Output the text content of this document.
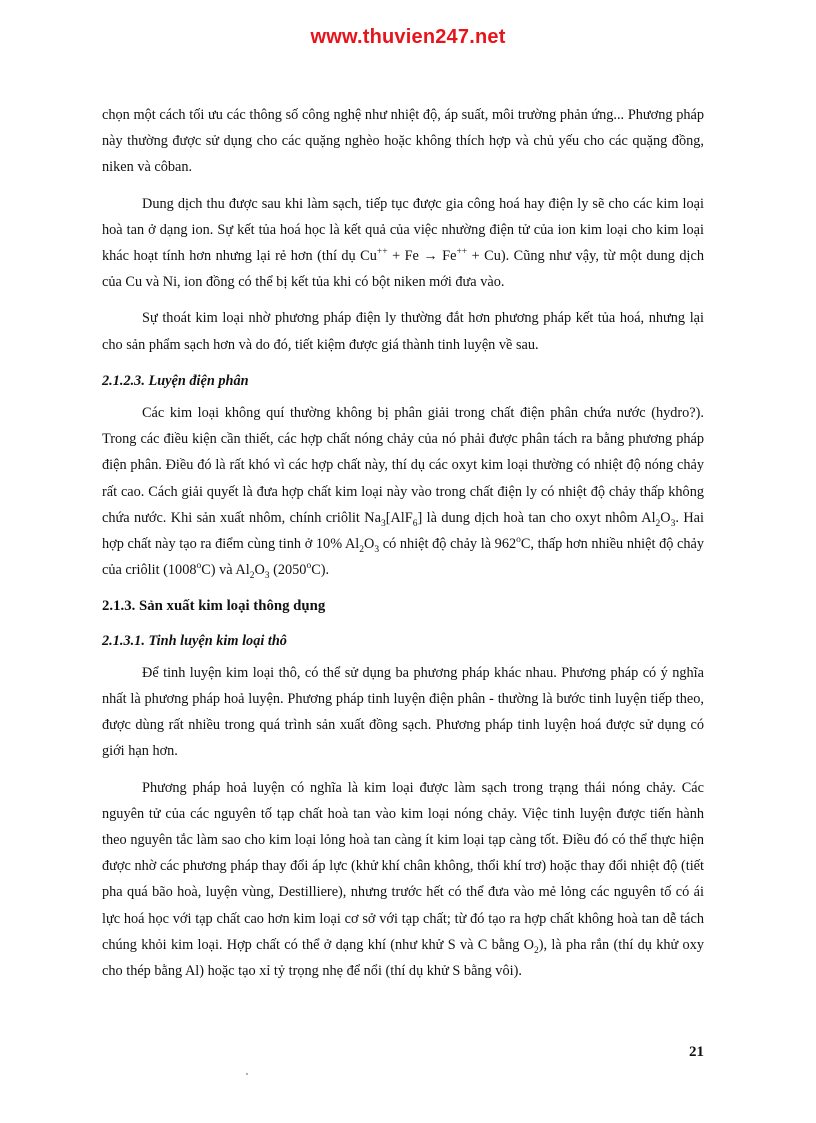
www.thuvien247.net

chọn một cách tối ưu các thông số công nghệ như nhiệt độ, áp suất, môi trường phản ứng... Phương pháp này thường được sử dụng cho các quặng nghèo hoặc không thích hợp và chủ yếu cho các quặng đồng, niken và côban.

Dung dịch thu được sau khi làm sạch, tiếp tục được gia công hoá hay điện ly sẽ cho các kim loại hoà tan ở dạng ion. Sự kết tủa hoá học là kết quả của việc nhường điện tử của ion kim loại cho kim loại khác hoạt tính hơn nhưng lại rẻ hơn (thí dụ Cu++ + Fe → Fe++ + Cu). Cũng như vậy, từ một dung dịch của Cu và Ni, ion đồng có thể bị kết tủa khi có bột niken mới đưa vào.

Sự thoát kim loại nhờ phương pháp điện ly thường đắt hơn phương pháp kết tủa hoá, nhưng lại cho sản phẩm sạch hơn và do đó, tiết kiệm được giá thành tinh luyện về sau.

2.1.2.3. Luyện điện phân

Các kim loại không quí thường không bị phân giải trong chất điện phân chứa nước (hydro?). Trong các điều kiện cần thiết, các hợp chất nóng chảy của nó phải được phân tách ra bằng phương pháp điện phân. Điều đó là rất khó vì các hợp chất này, thí dụ các oxyt kim loại thường có nhiệt độ nóng chảy rất cao. Cách giải quyết là đưa hợp chất kim loại này vào trong chất điện ly có nhiệt độ chảy thấp không chứa nước. Khi sản xuất nhôm, chính criôlit $Na_3[AlF_6]$ là dung dịch hoà tan cho oxyt nhôm $Al_2O_3$. Hai hợp chất này tạo ra điểm cùng tinh ở 10% $Al_2O_3$ có nhiệt độ chảy là 962$^o$C, thấp hơn nhiều nhiệt độ chảy của criôlit (1008$^o$C) và $Al_2O_3$ (2050$^o$C).

2.1.3. Sản xuất kim loại thông dụng
2.1.3.1. Tinh luyện kim loại thô

Để tinh luyện kim loại thô, có thể sử dụng ba phương pháp khác nhau. Phương pháp có ý nghĩa nhất là phương pháp hoả luyện. Phương pháp tinh luyện điện phân - thường là bước tinh luyện tiếp theo, được dùng rất nhiều trong quá trình sản xuất đồng sạch. Phương pháp tinh luyện hoá được sử dụng có giới hạn hơn.

Phương pháp hoả luyện có nghĩa là kim loại được làm sạch trong trạng thái nóng chảy. Các nguyên tử của các nguyên tố tạp chất hoà tan vào kim loại nóng chảy. Việc tinh luyện được tiến hành theo nguyên tắc làm sao cho kim loại lỏng hoà tan càng ít kim loại tạp càng tốt. Điều đó có thể thực hiện được nhờ các phương pháp thay đổi áp lực (khử khí chân không, thổi khí trơ) hoặc thay đổi nhiệt độ (tiết pha quá bão hoà, luyện vùng, Destilliere), nhưng trước hết có thể đưa vào mẻ lỏng các nguyên tố có ái lực hoá học với tạp chất cao hơn kim loại cơ sở với tạp chất; từ đó tạo ra hợp chất không hoà tan dễ tách chúng khỏi kim loại. Hợp chất có thể ở dạng khí (như khử S và C bằng $O_2$), là pha rắn (thí dụ khử oxy cho thép bằng Al) hoặc tạo xỉ tỷ trọng nhẹ để nổi (thí dụ khử S bằng vôi).

21
